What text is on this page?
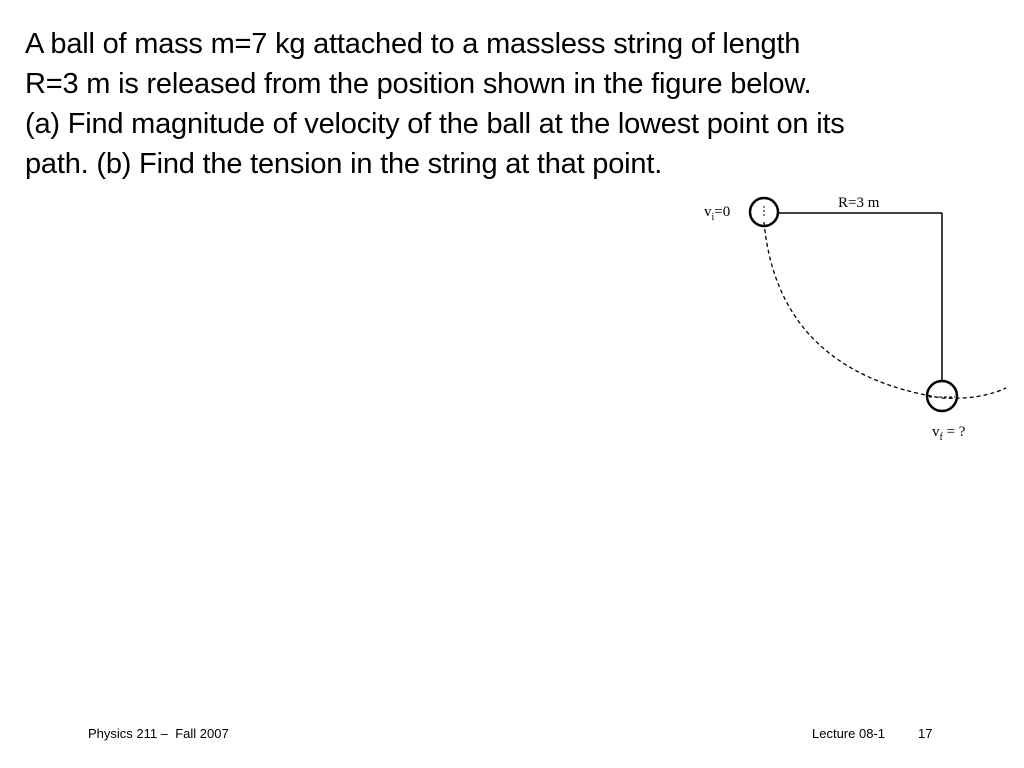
A ball of mass m=7 kg attached to a massless string of length
R=3 m is released from the position shown in the figure below.
(a) Find magnitude of velocity of the ball at the lowest point on its
path. (b) Find the tension in the string at that point.
$v_i=0$
R=3 m
$v_f$ = ?
Physics 211 –  Fall 2007	Lecture 08-1	17
